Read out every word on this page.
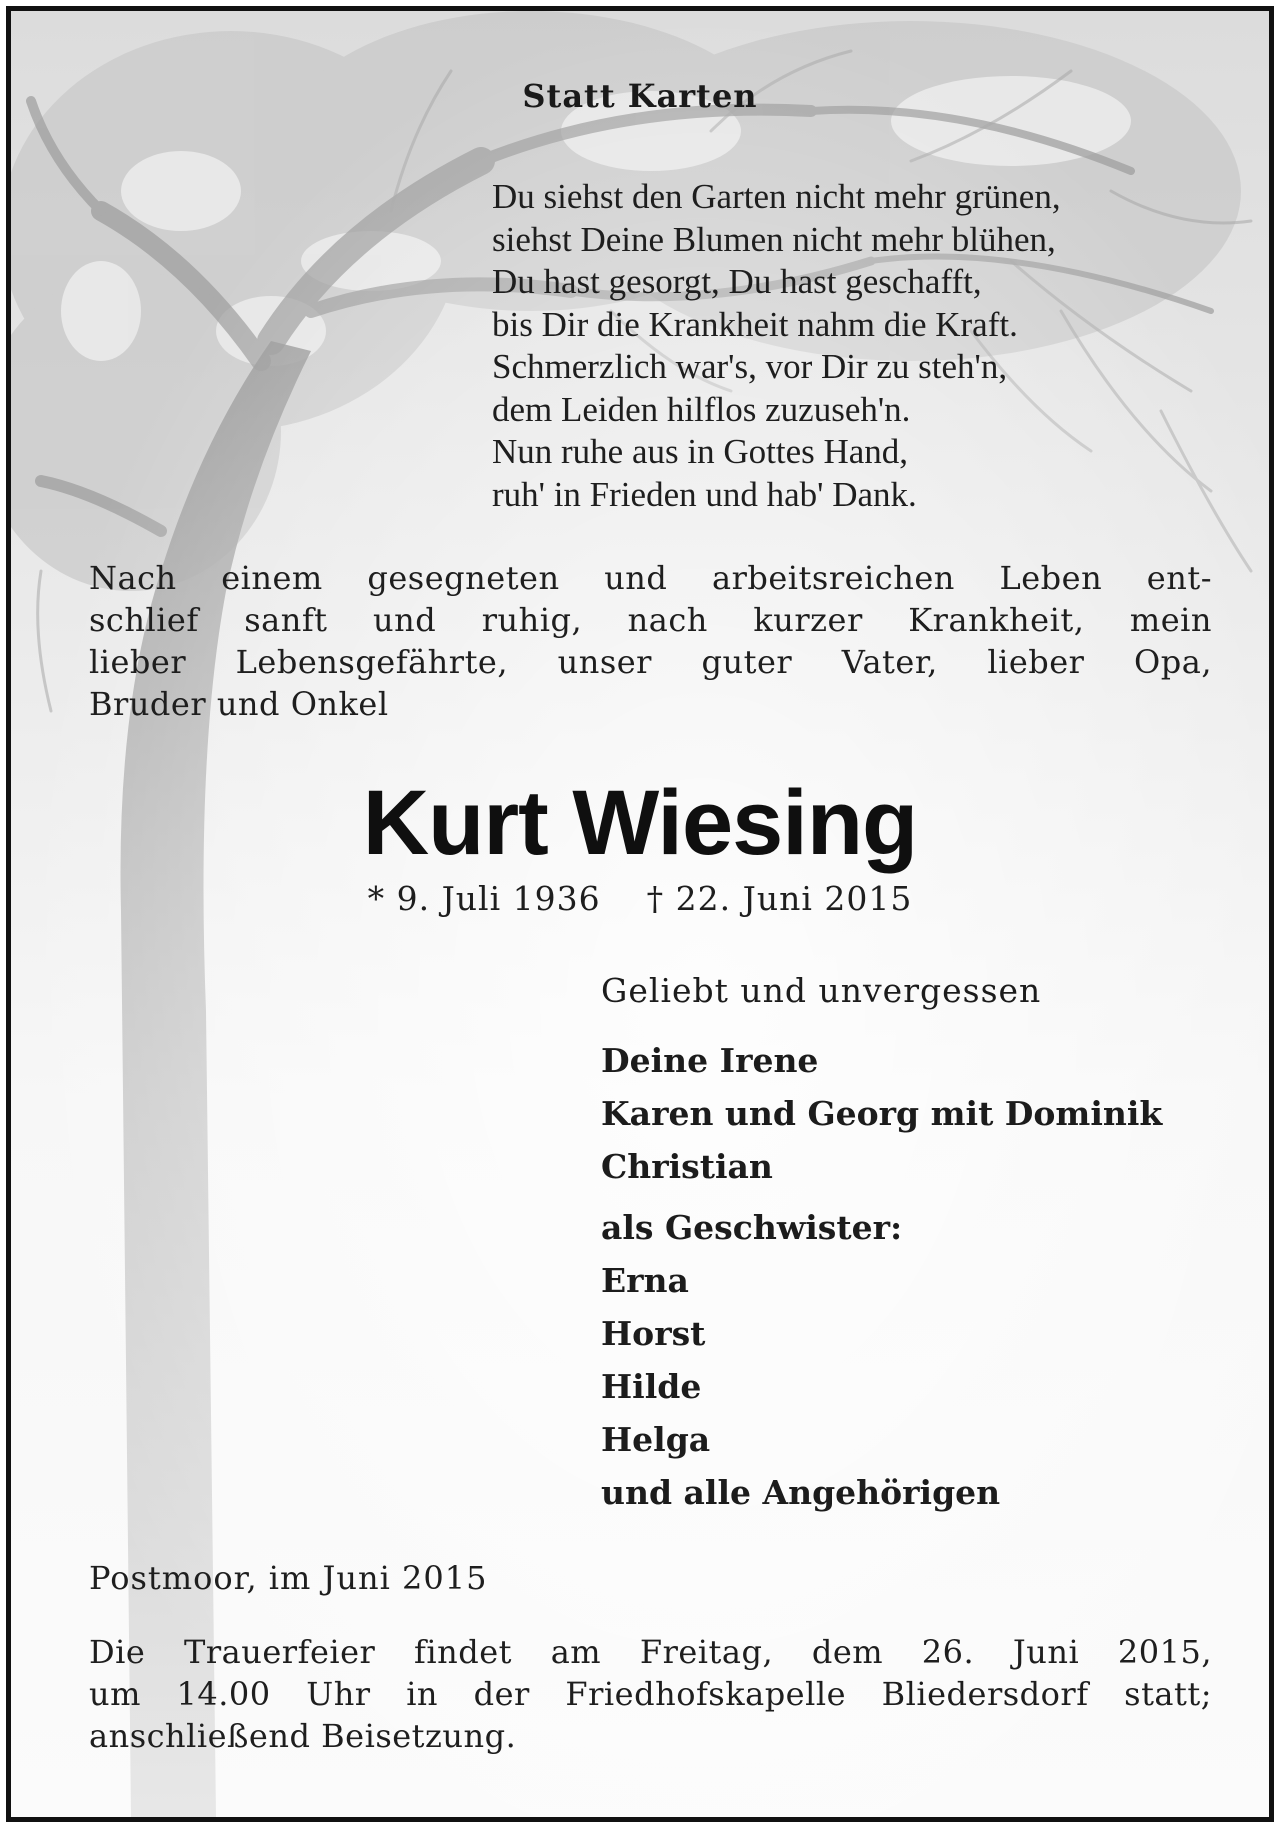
Statt Karten
Du siehst den Garten nicht mehr grünen,
siehst Deine Blumen nicht mehr blühen,
Du hast gesorgt, Du hast geschafft,
bis Dir die Krankheit nahm die Kraft.
Schmerzlich war's, vor Dir zu steh'n,
dem Leiden hilflos zuzuseh'n.
Nun ruhe aus in Gottes Hand,
ruh' in Frieden und hab' Dank.
Nach einem gesegneten und arbeitsreichen Leben ent-
schlief sanft und ruhig, nach kurzer Krankheit, mein
lieber Lebensgefährte, unser guter Vater, lieber Opa,
Bruder und Onkel
Kurt Wiesing
* 9. Juli 1936 † 22. Juni 2015
Geliebt und unvergessen
Deine Irene
Karen und Georg mit Dominik
Christian
als Geschwister:
Erna
Horst
Hilde
Helga
und alle Angehörigen
Postmoor, im Juni 2015
Die Trauerfeier findet am Freitag, dem 26. Juni 2015,
um 14.00 Uhr in der Friedhofskapelle Bliedersdorf statt;
anschließend Beisetzung.
